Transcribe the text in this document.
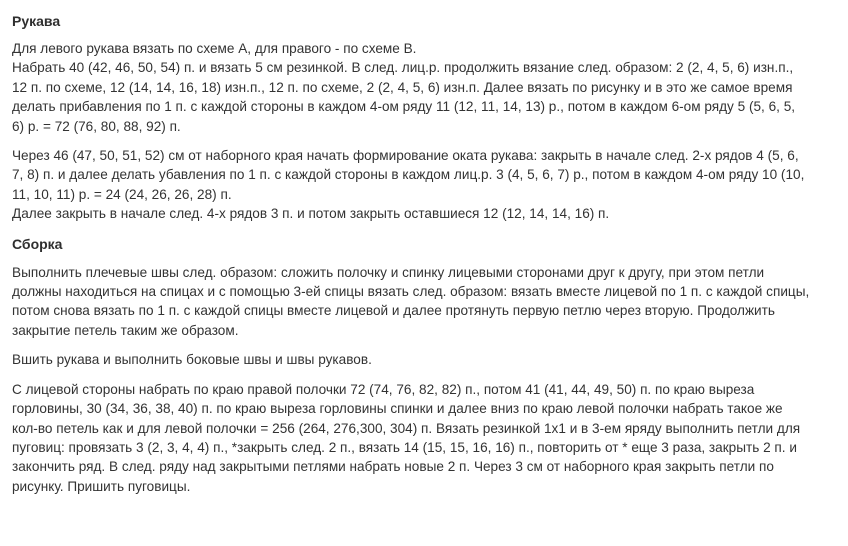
Рукава
Для левого рукава вязать по схеме А, для правого - по схеме В.
Набрать 40 (42, 46, 50, 54) п. и вязать 5 см резинкой. В след. лиц.р. продолжить вязание след. образом: 2 (2, 4, 5, 6) изн.п.,
12 п. по схеме, 12 (14, 14, 16, 18) изн.п., 12 п. по схеме, 2 (2, 4, 5, 6) изн.п. Далее вязать по рисунку и в это же самое время
делать прибавления по 1 п. с каждой стороны в каждом 4-ом ряду 11 (12, 11, 14, 13) р., потом в каждом 6-ом ряду 5 (5, 6, 5,
6) р. = 72 (76, 80, 88, 92) п.
Через 46 (47, 50, 51, 52) см от наборного края начать формирование оката рукава: закрыть в начале след. 2-х рядов 4 (5, 6,
7, 8) п. и далее делать убавления по 1 п. с каждой стороны в каждом лиц.р. 3 (4, 5, 6, 7) р., потом в каждом 4-ом ряду 10 (10,
11, 10, 11) р. = 24 (24, 26, 26, 28) п.
Далее закрыть в начале след. 4-х рядов 3 п. и потом закрыть оставшиеся 12 (12, 14, 14, 16) п.
Сборка
Выполнить плечевые швы след. образом: сложить полочку и спинку лицевыми сторонами друг к другу, при этом петли
должны находиться на спицах и с помощью 3-ей спицы вязать след. образом: вязать вместе лицевой по 1 п. с каждой спицы,
потом снова вязать по 1 п. с каждой спицы вместе лицевой и далее протянуть первую петлю через вторую. Продолжить
закрытие петель таким же образом.
Вшить рукава и выполнить боковые швы и швы рукавов.
С лицевой стороны набрать по краю правой полочки 72 (74, 76, 82, 82) п., потом 41 (41, 44, 49, 50) п. по краю выреза
горловины, 30 (34, 36, 38, 40) п. по краю выреза горловины спинки и далее вниз по краю левой полочки набрать такое же
кол-во петель как и для левой полочки = 256 (264, 276,300, 304) п. Вязать резинкой 1х1 и в 3-ем яряду выполнить петли для
пуговиц: провязать 3 (2, 3, 4, 4) п., *закрыть след. 2 п., вязать 14 (15, 15, 16, 16) п., повторить от * еще 3 раза, закрыть 2 п. и
закончить ряд. В след. ряду над закрытыми петлями набрать новые 2 п. Через 3 см от наборного края закрыть петли по
рисунку. Пришить пуговицы.
